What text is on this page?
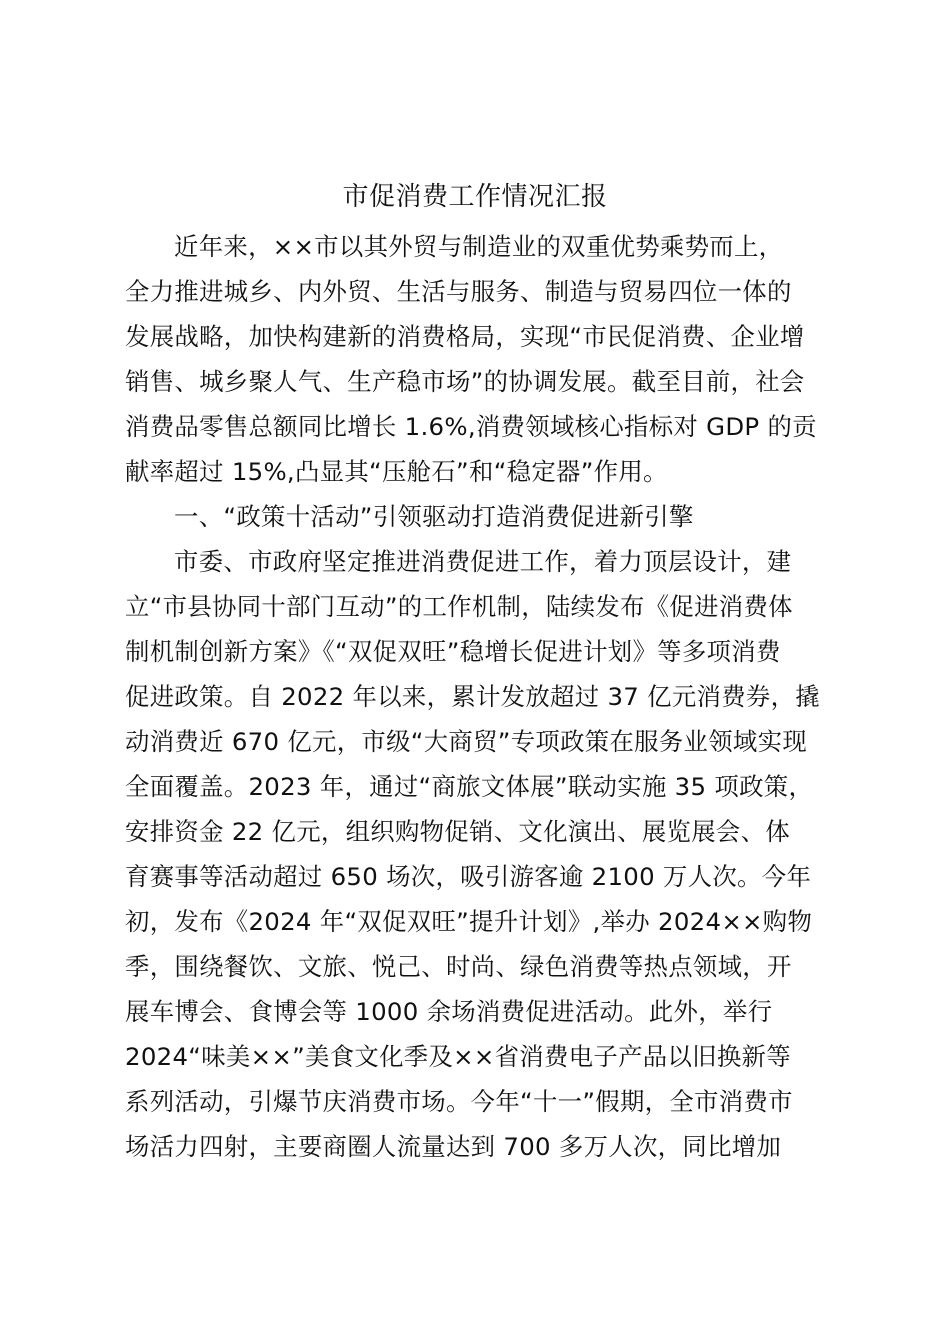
市促消费工作情况汇报
近年来，××市以其外贸与制造业的双重优势乘势而上，
全力推进城乡、内外贸、生活与服务、制造与贸易四位一体的
发展战略，加快构建新的消费格局，实现“市民促消费、企业增
销售、城乡聚人气、生产稳市场”的协调发展。截至目前，社会
消费品零售总额同比增长 1.6%,消费领域核心指标对 GDP 的贡
献率超过 15%,凸显其“压舱石”和“稳定器”作用。
一、“政策十活动”引领驱动打造消费促进新引擎
市委、市政府坚定推进消费促进工作，着力顶层设计，建
立“市县协同十部门互动”的工作机制，陆续发布《促进消费体
制机制创新方案》《“双促双旺”稳增长促进计划》等多项消费
促进政策。自 2022 年以来，累计发放超过 37 亿元消费券，撬
动消费近 670 亿元，市级“大商贸”专项政策在服务业领域实现
全面覆盖。2023 年，通过“商旅文体展”联动实施 35 项政策，
安排资金 22 亿元，组织购物促销、文化演出、展览展会、体
育赛事等活动超过 650 场次，吸引游客逾 2100 万人次。今年
初，发布《2024 年“双促双旺”提升计划》,举办 2024××购物
季，围绕餐饮、文旅、悦己、时尚、绿色消费等热点领域，开
展车博会、食博会等 1000 余场消费促进活动。此外，举行
2024“味美××”美食文化季及××省消费电子产品以旧换新等
系列活动，引爆节庆消费市场。今年“十一”假期，全市消费市
场活力四射，主要商圈人流量达到 700 多万人次，同比增加
